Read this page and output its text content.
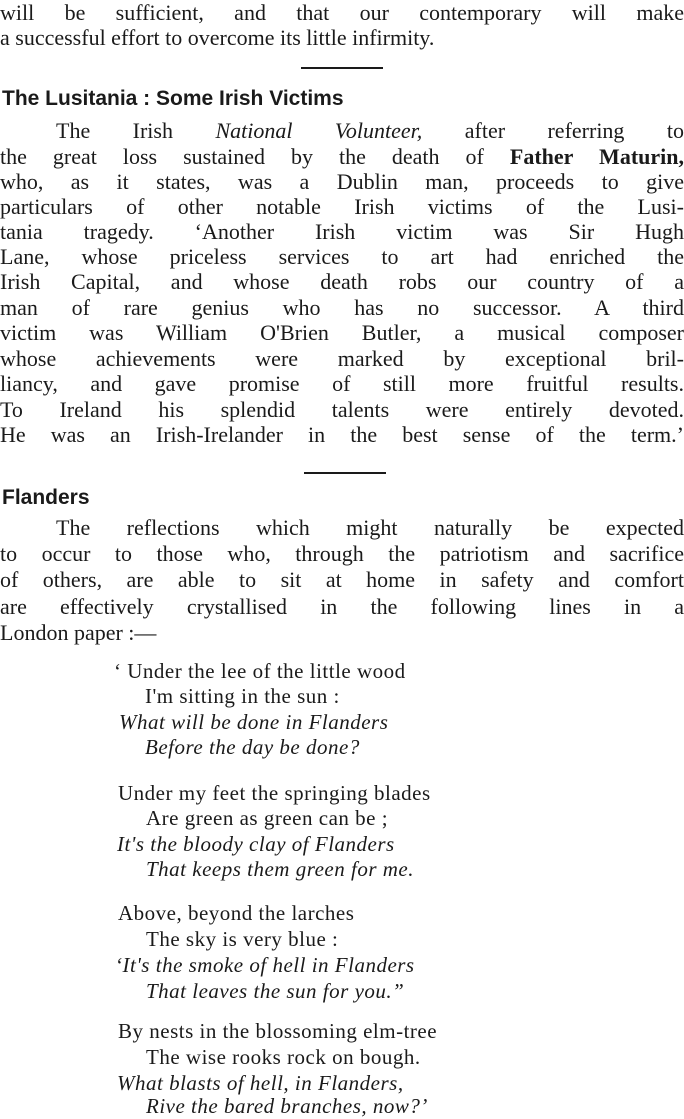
will be sufficient, and that our contemporary will make
a successful effort to overcome its little infirmity.
The Lusitania : Some Irish Victims
The Irish National Volunteer, after referring to
the great loss sustained by the death of Father Maturin,
who, as it states, was a Dublin man, proceeds to give
particulars of other notable Irish victims of the Lusi-
tania tragedy. ‘Another Irish victim was Sir Hugh
Lane, whose priceless services to art had enriched the
Irish Capital, and whose death robs our country of a
man of rare genius who has no successor. A third
victim was William O'Brien Butler, a musical composer
whose achievements were marked by exceptional bril-
liancy, and gave promise of still more fruitful results.
To Ireland his splendid talents were entirely devoted.
He was an Irish-Irelander in the best sense of the term.’
Flanders
The reflections which might naturally be expected
to occur to those who, through the patriotism and sacrifice
of others, are able to sit at home in safety and comfort
are effectively crystallised in the following lines in a
London paper :—
‘ Under the lee of the little wood
I'm sitting in the sun :
What will be done in Flanders
Before the day be done?
Under my feet the springing blades
Are green as green can be ;
It's the bloody clay of Flanders
That keeps them green for me.
Above, beyond the larches
The sky is very blue :
‘It's the smoke of hell in Flanders
That leaves the sun for you.”
By nests in the blossoming elm-tree
The wise rooks rock on bough.
What blasts of hell, in Flanders,
Rive the bared branches, now?’
